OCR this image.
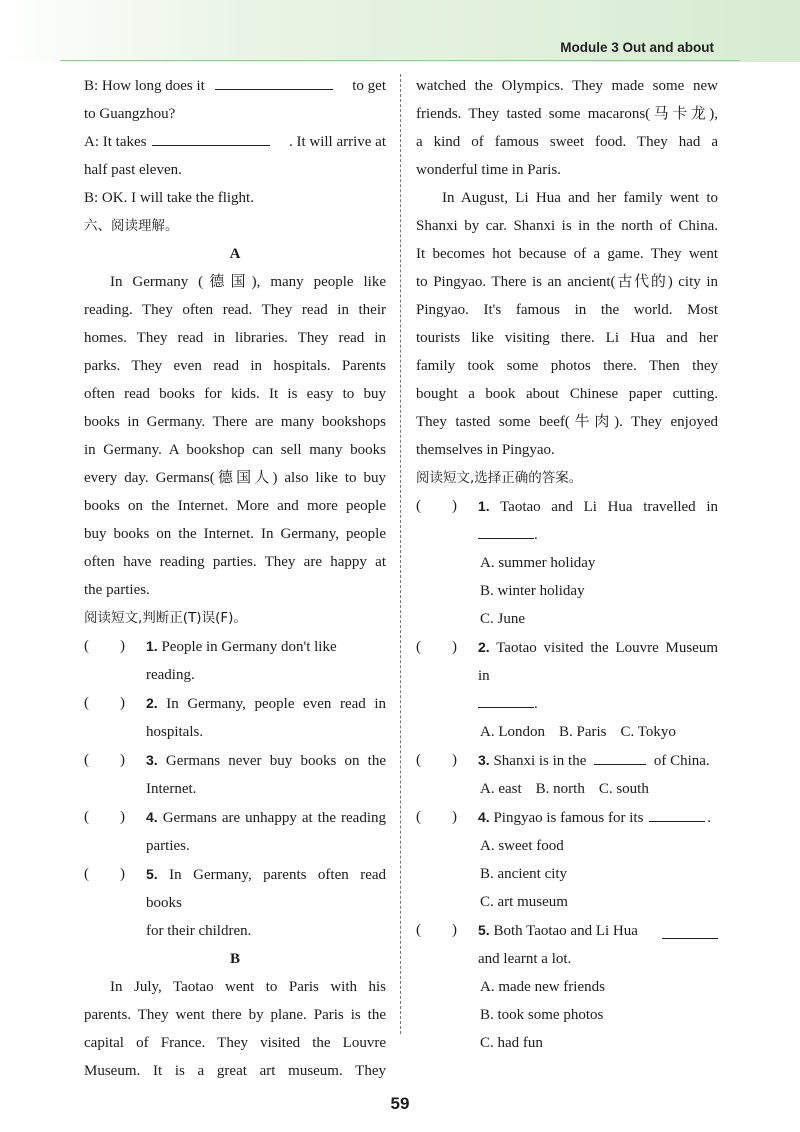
Module 3 Out and about

B: How long does it	to get

to Guangzhou?

A: It takes	. It will arrive at

half past eleven.

B: OK. I will take the flight.

六、阅读理解。

A

In Germany (德国), many people like

reading. They often read. They read in their

homes. They read in libraries. They read in

parks. They even read in hospitals. Parents

often read books for kids. It is easy to buy

books in Germany. There are many bookshops

in Germany. A bookshop can sell many books

every day. Germans(德国人) also like to buy

books on the Internet. More and more people

buy books on the Internet. In Germany, people

often have reading parties. They are happy at

the parties.

阅读短文,判断正(T)误(F)。

( ) 1. People in Germany don't like reading.
( ) 2. In Germany, people even read in

hospitals.

( ) 3. Germans never buy books on the

Internet.

( ) 4. Germans are unhappy at the reading

parties.

( ) 5. In Germany, parents often read books

for their children.

B

In July, Taotao went to Paris with his

parents. They went there by plane. Paris is the

capital of France. They visited the Louvre

Museum. It is a great art museum. They

watched the Olympics. They made some new

friends. They tasted some macarons(马卡龙),

a kind of famous sweet food. They had a

wonderful time in Paris.

In August, Li Hua and her family went to

Shanxi by car. Shanxi is in the north of China.

It becomes hot because of a game. They went

to Pingyao. There is an ancient(古代的) city in

Pingyao. It's famous in the world. Most

tourists like visiting there. Li Hua and her

family took some photos there. Then they

bought a book about Chinese paper cutting.

They tasted some beef(牛肉). They enjoyed

themselves in Pingyao.

阅读短文,选择正确的答案。

( ) 1. Taotao and Li Hua travelled in

.

A. summer holiday

B. winter holiday

C. June

( ) 2. Taotao visited the Louvre Museum in

.

A. London B. Paris C. Tokyo

( ) 3. Shanxi is in the	of China.

A. east B. north C. south

( ) 4. Pingyao is famous for its	.

A. sweet food

B. ancient city

C. art museum

( ) 5. Both Taotao and Li Hua

and learnt a lot.

A. made new friends

B. took some photos

C. had fun

59
